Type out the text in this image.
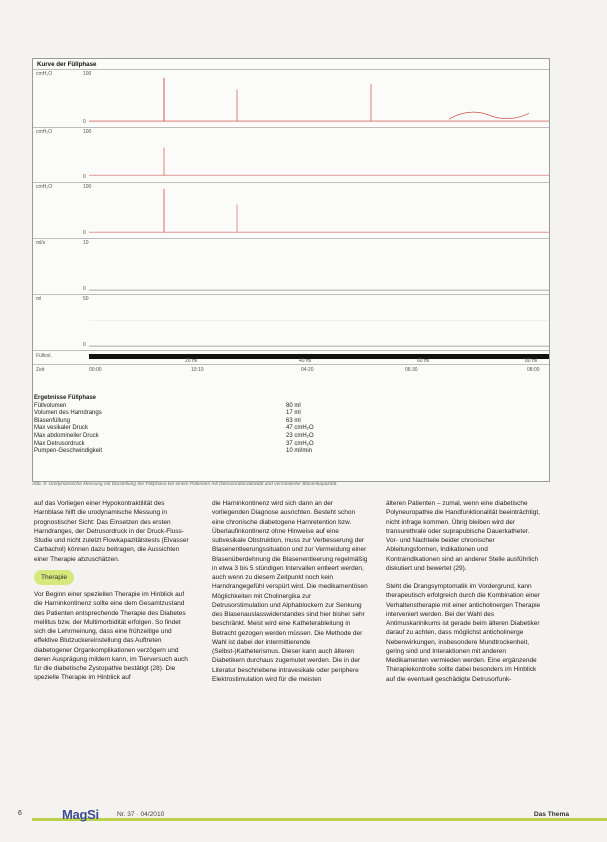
Kurve der Füllphase
cmH₂O	100
0
cmH₂O	100
0
cmH₂O	100
0
ml/s	10
0
ml	50
0
Füllvol.
20 ml	40 ml	60 ml	80 ml
Zeit	00:00	10:10	04:20	06:30	08:00
Ergebnisse Füllphase
Füllvolumen	80 ml
Volumen des Harndrangs	17 ml
Blasenfüllung	63 ml
Max vesikaler Druck	47 cmH₂O
Max abdomineller Druck	23 cmH₂O
Max Detrusordruck	37 cmH₂O
Pumpen-Geschwindigkeit	10 ml/min
Abb. 5: Urodynamische Messung mit Darstellung der Füllphase bei einem Patienten mit Detrusorüberaktivität und verminderter Blasenkapazität.

auf das Vorliegen einer Hypokontraktilität des Harnblase hilft die urodynamische Messung in prognostischer Sicht: Das Einsetzen des ersten Harndranges, der Detrusordruck in der Druck-Fluss-Studie und nicht zuletzt Flowkapazitätstests (Elvasser Carbachol) können dazu beitragen, die Aussichten einer Therapie abzuschätzen.

Therapie

Vor Beginn einer speziellen Therapie im Hinblick auf die Harninkontinenz sollte eine dem Gesamtzustand des Patienten entsprechende Therapie des Diabetes mellitus bzw. der Multimorbidität erfolgen. So findet sich die Lehrmeinung, dass eine frühzeitige und effektive Blutzuckereinstellung das Auftreten diabetogener Organkomplikationen verzögern und deren Ausprägung mildern kann, im Tierversuch auch für die diabetische Zystopathie bestätigt (28). Die spezielle Therapie im Hinblick auf

die Harninkontinenz wird sich dann an der vorliegenden Diagnose ausrichten. Besteht schon eine chronische diabetogene Harnretention bzw. Überlaufinkontinenz ohne Hinweise auf eine subvesikale Obstruktion, muss zur Verbesserung der Blasenentleerungssituation und zur Vermeidung einer Blasenüberdehnung die Blasenentleerung regelmäßig in etwa 3 bis 5 stündigen Intervallen entleert werden, auch wenn zu diesem Zeitpunkt noch kein Harndrangegefühl verspürt wird. Die medikamentösen Möglichkeiten mit Cholinergika zur Detrusorstimulation und Alphablockern zur Senkung des Blasenauslasswiderstandes sind hier bisher sehr beschränkt. Meist wird eine Katheterableitung in Betracht gezogen werden müssen. Die Methode der Wahl ist dabei der intermittierende (Selbst-)Katheterismus. Dieser kann auch älteren Diabetikern durchaus zugemutet werden. Die in der Literatur beschriebene intravesikale oder periphere Elektrostimulation wird für die meisten

älteren Patienten – zumal, wenn eine diabetische Polyneuropathie die Handfunktionalität beeinträchtigt, nicht infrage kommen. Übrig bleiben wird der transurethrale oder suprapubische Dauerkatheter. Vor- und Nachteile beider chronischer Ableitungsformen, Indikationen und Kontraindikationen sind an anderer Stelle ausführlich diskutiert und bewertet (29).

Steht die Drangsymptomatik im Vordergrund, kann therapeutisch erfolgreich durch die Kombination einer Verhaltenstherapie mit einer anticholinergen Therapie interveniert werden. Bei der Wahl des Antimuskarinikums ist gerade beim älteren Diabetiker darauf zu achten, dass möglichst anticholinerge Nebenwirkungen, insbesondere Mundtrockenheit, gering sind und Interaktionen mit anderen Medikamenten vermieden werden. Eine ergänzende Therapiekontrolle sollte dabei besonders im Hinblick auf die eventuell geschädigte Detrusorfunk-

6	MagSi	Nr. 37 · 04/2010	Das Thema
